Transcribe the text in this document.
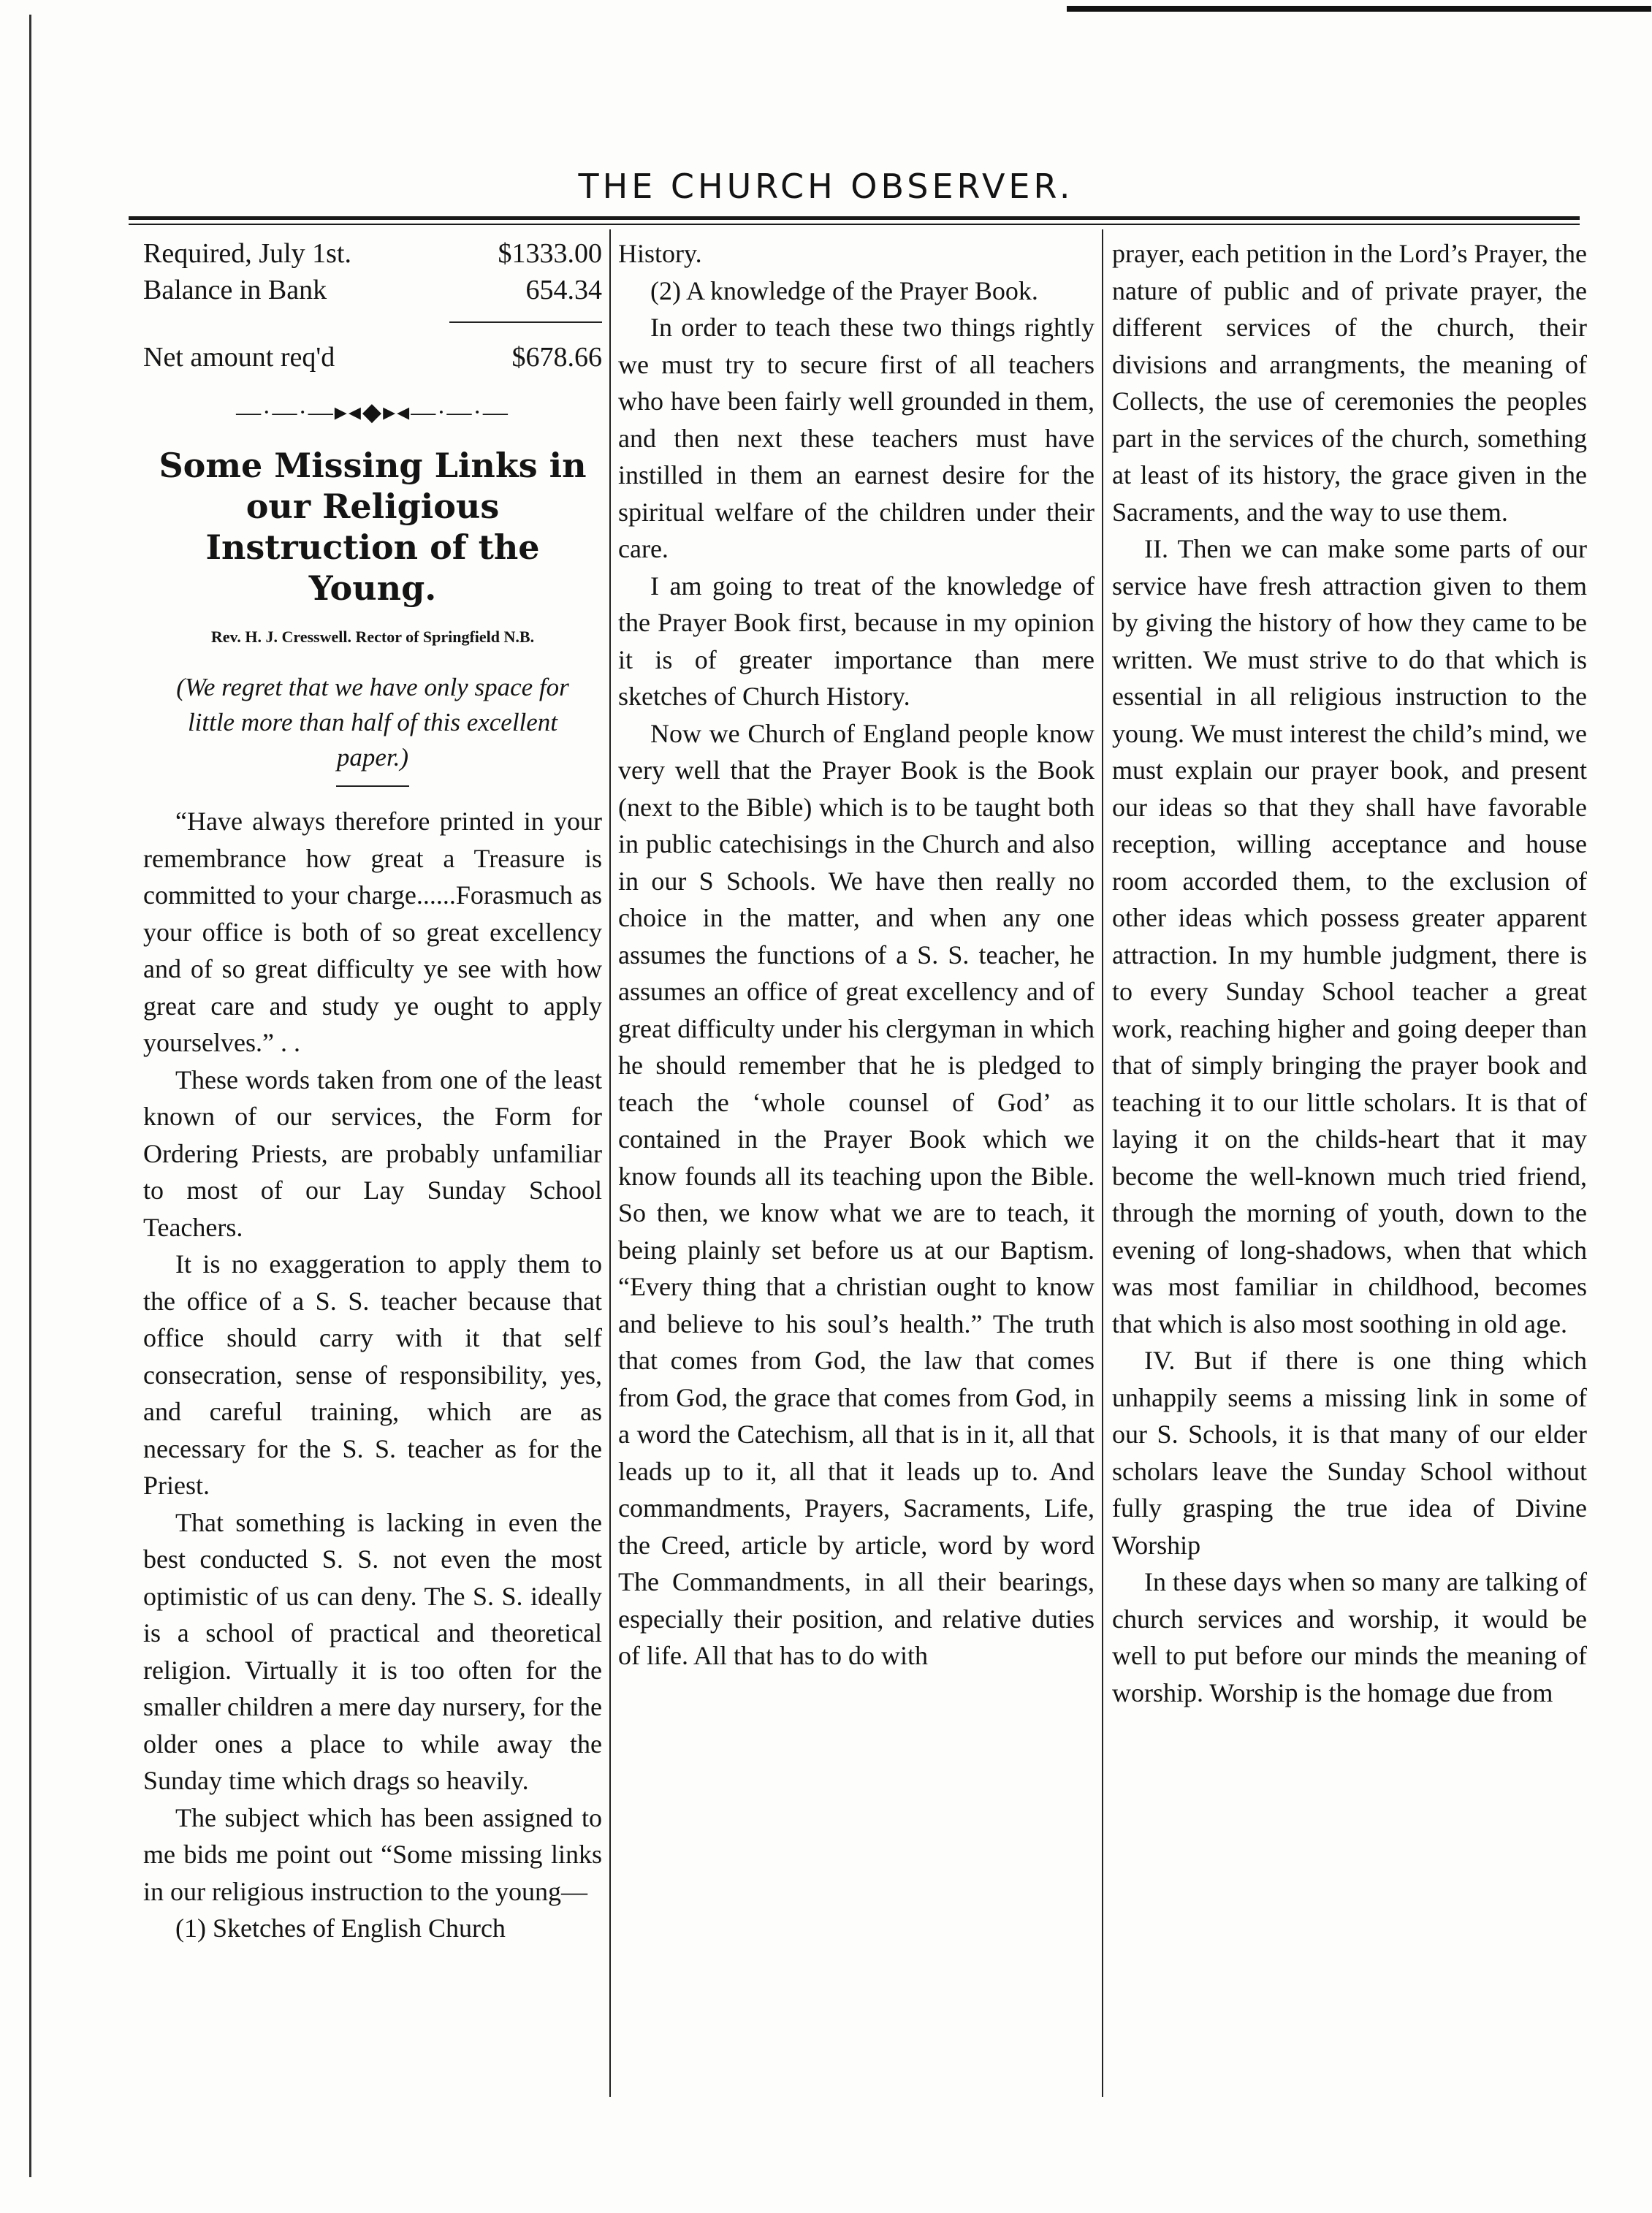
THE CHURCH OBSERVER.
Required, July 1st.	$1333.00
Balance in Bank	654.34

Net amount req'd	$678.66
—·—·—▸◂◆▸◂—·—·—
Some Missing Links in our Religious Instruction of the Young.
Rev. H. J. Cresswell. Rector of Springfield N.B.
(We regret that we have only space for little more than half of this excellent paper.)

“Have always therefore printed in your remembrance how great a Treasure is committed to your charge......Forasmuch as your office is both of so great excellency and of so great difficulty ye see with how great care and study ye ought to apply yourselves.” . .

These words taken from one of the least known of our services, the Form for Ordering Priests, are probably unfamiliar to most of our Lay Sunday School Teachers.

It is no exaggeration to apply them to the office of a S. S. teacher because that office should carry with it that self consecration, sense of responsibility, yes, and careful training, which are as necessary for the S. S. teacher as for the Priest.

That something is lacking in even the best conducted S. S. not even the most optimistic of us can deny. The S. S. ideally is a school of practical and theoretical religion. Virtually it is too often for the smaller children a mere day nursery, for the older ones a place to while away the Sunday time which drags so heavily.

The subject which has been assigned to me bids me point out “Some missing links in our religious instruction to the young—

(1) Sketches of English Church

History.

(2) A knowledge of the Prayer Book.

In order to teach these two things rightly we must try to secure first of all teachers who have been fairly well grounded in them, and then next these teachers must have instilled in them an earnest desire for the spiritual welfare of the children under their care.

I am going to treat of the knowledge of the Prayer Book first, because in my opinion it is of greater importance than mere sketches of Church History.

Now we Church of England people know very well that the Prayer Book is the Book (next to the Bible) which is to be taught both in public catechisings in the Church and also in our S Schools. We have then really no choice in the matter, and when any one assumes the functions of a S. S. teacher, he assumes an office of great excellency and of great difficulty under his clergyman in which he should remember that he is pledged to teach the ‘whole counsel of God’ as contained in the Prayer Book which we know founds all its teaching upon the Bible. So then, we know what we are to teach, it being plainly set before us at our Baptism. “Every thing that a christian ought to know and believe to his soul’s health.” The truth that comes from God, the law that comes from God, the grace that comes from God, in a word the Catechism, all that is in it, all that leads up to it, all that it leads up to. And commandments, Prayers, Sacraments, Life, the Creed, article by article, word by word The Commandments, in all their bearings, especially their position, and relative duties of life. All that has to do with

prayer, each petition in the Lord’s Prayer, the nature of public and of private prayer, the different services of the church, their divisions and arrangments, the meaning of Collects, the use of ceremonies the peoples part in the services of the church, something at least of its history, the grace given in the Sacraments, and the way to use them.

II. Then we can make some parts of our service have fresh attraction given to them by giving the history of how they came to be written. We must strive to do that which is essential in all religious instruction to the young. We must interest the child’s mind, we must explain our prayer book, and present our ideas so that they shall have favorable reception, willing acceptance and house room accorded them, to the exclusion of other ideas which possess greater apparent attraction. In my humble judgment, there is to every Sunday School teacher a great work, reaching higher and going deeper than that of simply bringing the prayer book and teaching it to our little scholars. It is that of laying it on the childs-heart that it may become the well-known much tried friend, through the morning of youth, down to the evening of long-shadows, when that which was most familiar in childhood, becomes that which is also most soothing in old age.

IV. But if there is one thing which unhappily seems a missing link in some of our S. Schools, it is that many of our elder scholars leave the Sunday School without fully grasping the true idea of Divine Worship

In these days when so many are talking of church services and worship, it would be well to put before our minds the meaning of worship. Worship is the homage due from
